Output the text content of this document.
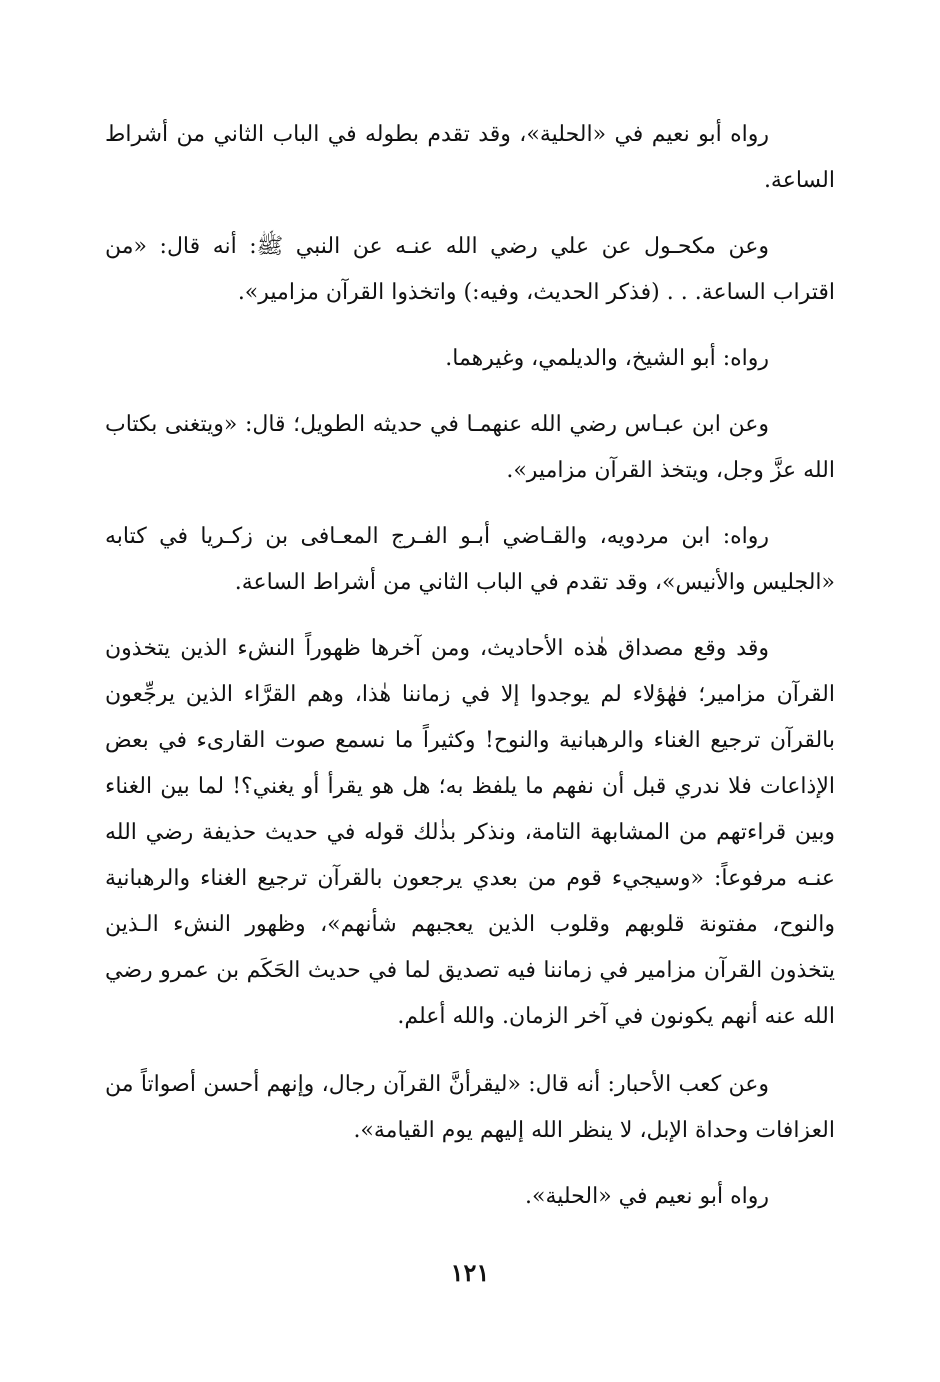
رواه أبو نعيم في «الحلية»، وقد تقدم بطوله في الباب الثاني من أشراط الساعة.

وعن مكحـول عن علي رضي الله عنـه عن النبي ﷺ: أنه قال: «من اقتراب الساعة. . . (فذكر الحديث، وفيه:) واتخذوا القرآن مزامير».

رواه: أبو الشيخ، والديلمي، وغيرهما.

وعن ابن عبـاس رضي الله عنهمـا في حديثه الطويل؛ قال: «ويتغنى بكتاب الله عزَّ وجل، ويتخذ القرآن مزامير».

رواه: ابن مردويه، والقـاضي أبـو الفـرج المعـافى بن زكـريا في كتابه «الجليس والأنيس»، وقد تقدم في الباب الثاني من أشراط الساعة.

وقد وقع مصداق هٰذه الأحاديث، ومن آخرها ظهوراً النشء الذين يتخذون القرآن مزامير؛ فهٰؤلاء لم يوجدوا إلا في زماننا هٰذا، وهم القرَّاء الذين يرجِّعون بالقرآن ترجيع الغناء والرهبانية والنوح! وكثيراً ما نسمع صوت القارىء في بعض الإذاعات فلا ندري قبل أن نفهم ما يلفظ به؛ هل هو يقرأ أو يغني؟! لما بين الغناء وبين قراءتهم من المشابهة التامة، ونذكر بذٰلك قوله في حديث حذيفة رضي الله عنـه مرفوعاً: «وسيجيء قوم من بعدي يرجعون بالقرآن ترجيع الغناء والرهبانية والنوح، مفتونة قلوبهم وقلوب الذين يعجبهم شأنهم»، وظهور النشء الـذين يتخذون القرآن مزامير في زماننا فيه تصديق لما في حديث الحَكَم بن عمرو رضي الله عنه أنهم يكونون في آخر الزمان. والله أعلم.

وعن كعب الأحبار: أنه قال: «ليقرأنَّ القرآن رجال، وإنهم أحسن أصواتاً من العزافات وحداة الإبل، لا ينظر الله إليهم يوم القيامة».

رواه أبو نعيم في «الحلية».

١٢١
